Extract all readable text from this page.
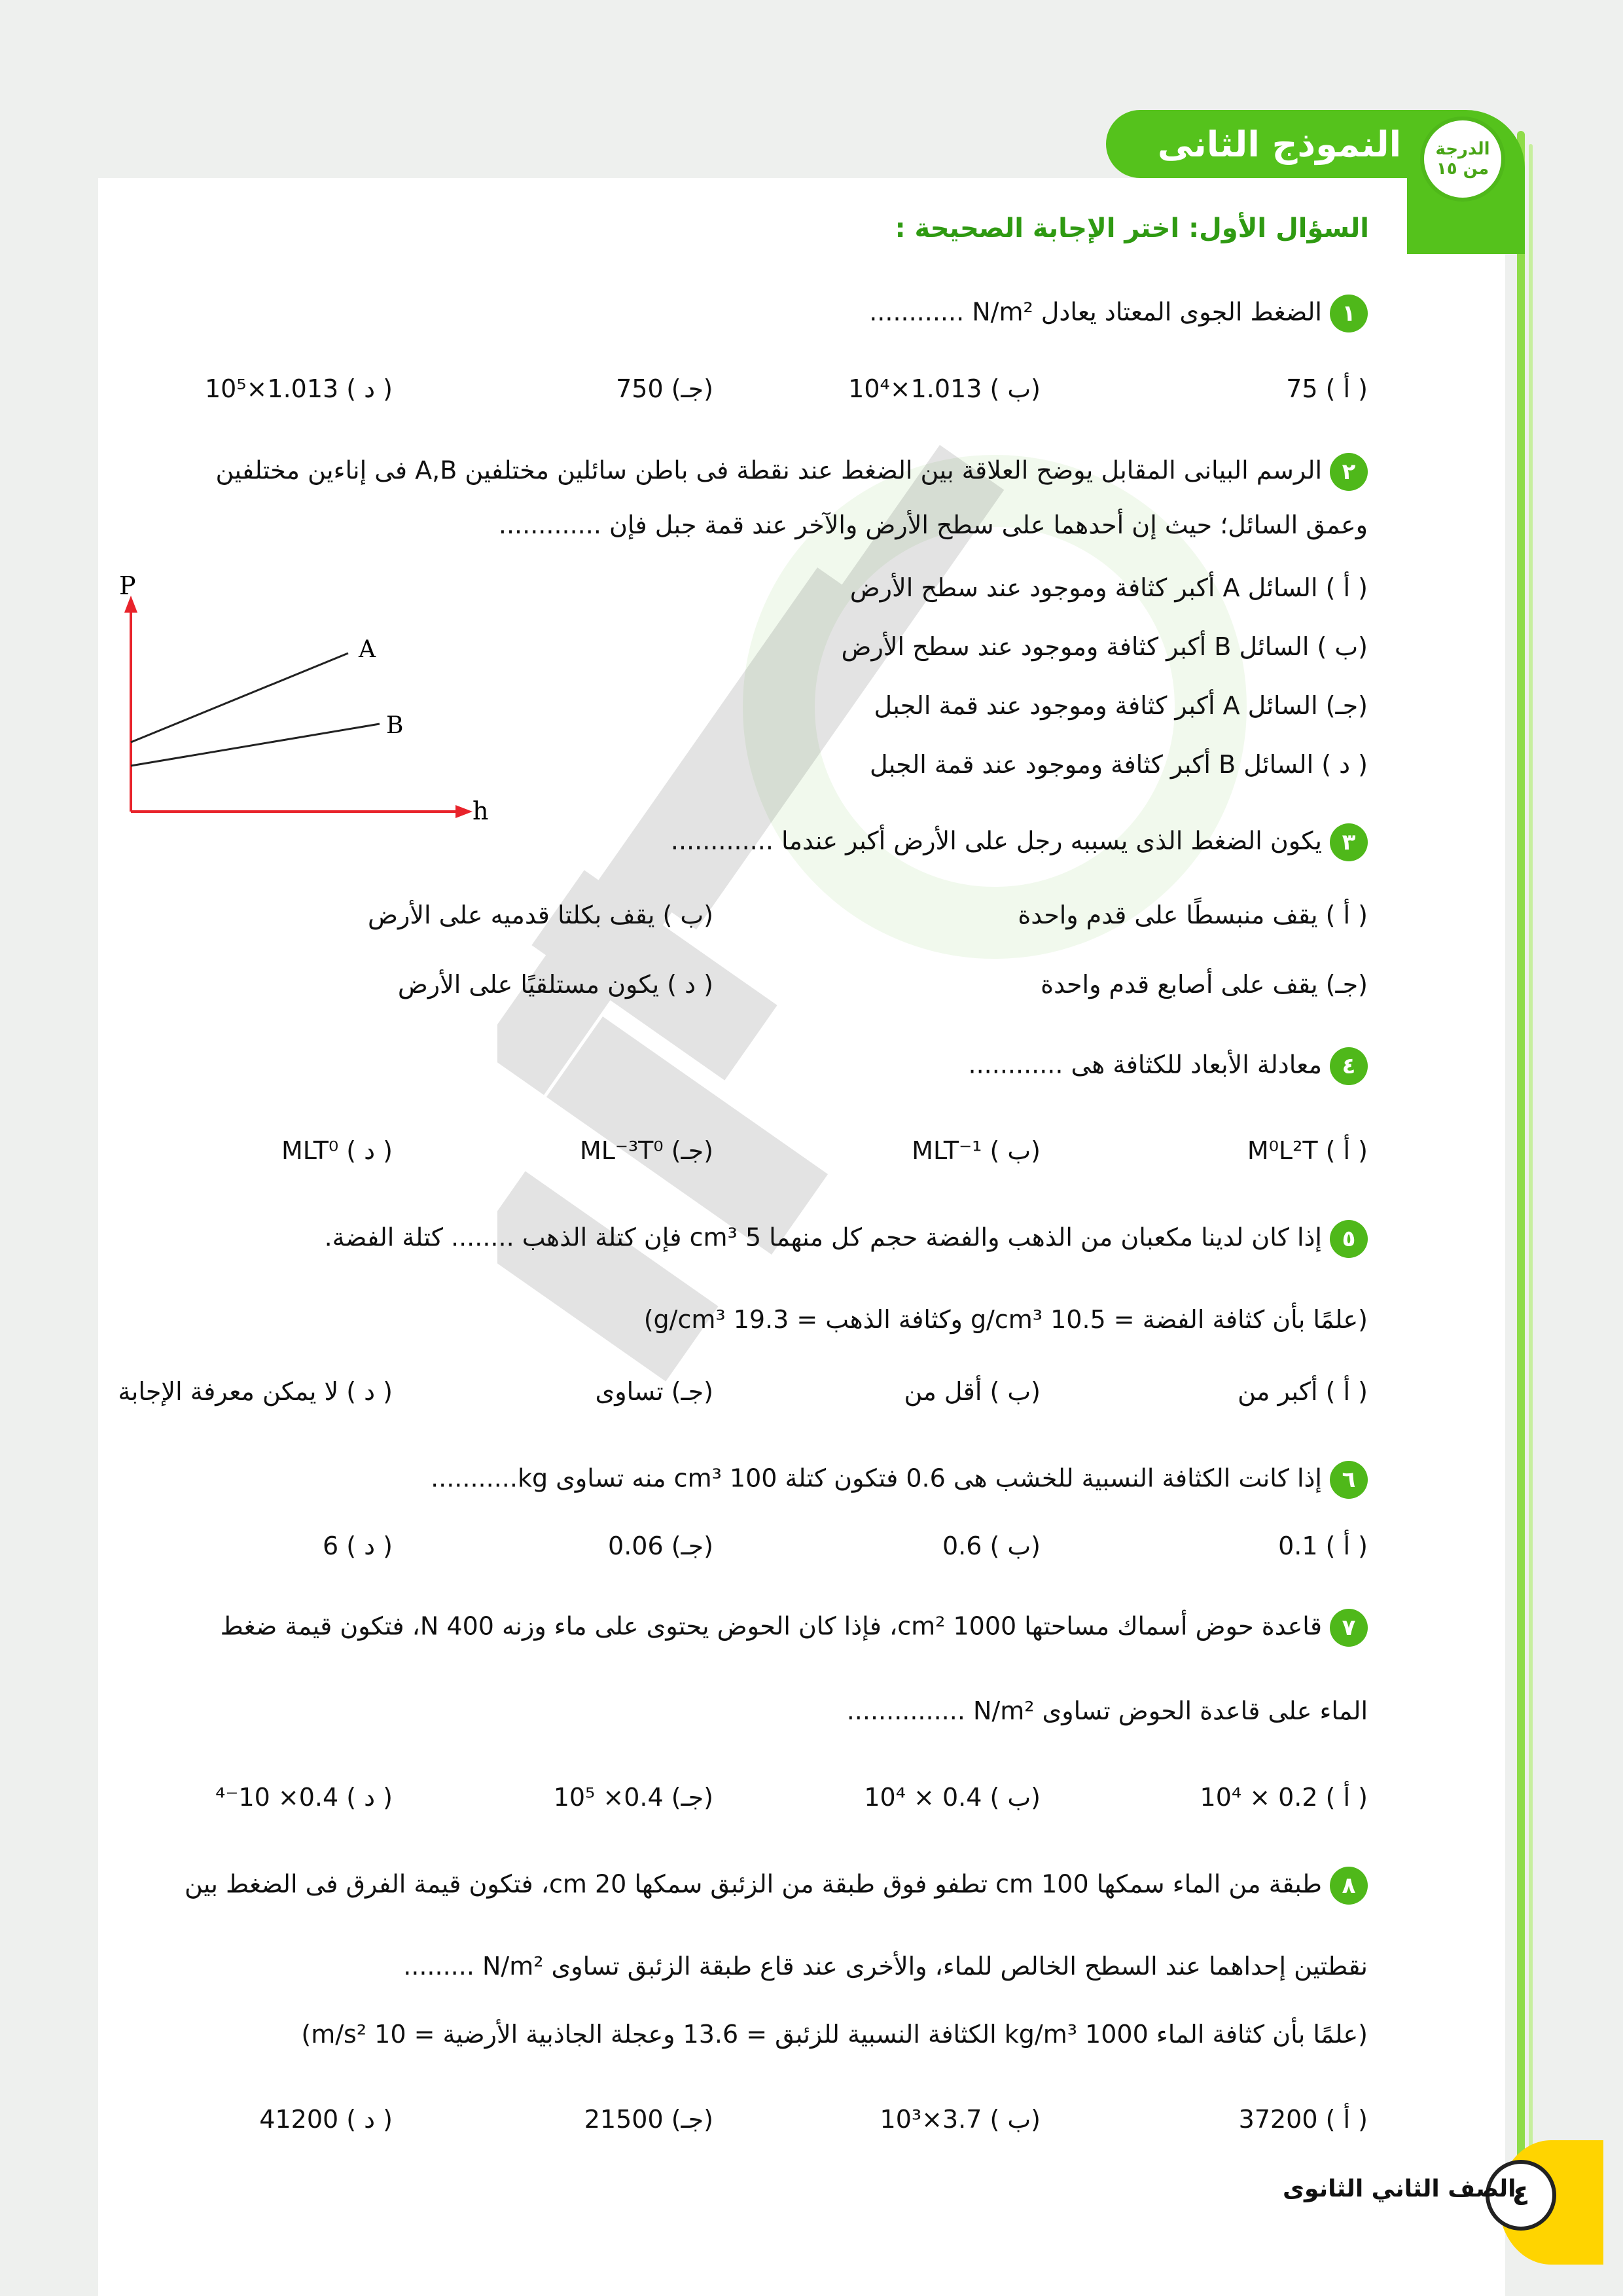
النموذج الثانى	الدرجة
من ١٥
السؤال الأول: اختر الإجابة الصحيحة :
١الضغط الجوى المعتاد يعادل N/m² ............
( أ ) 75
(ب ) 1.013×10⁴
(جـ) 750
( د ) 1.013×10⁵
٢الرسم البيانى المقابل يوضح العلاقة بين الضغط عند نقطة فى باطن سائلين مختلفين A,B فى إناءين مختلفين
وعمق السائل؛ حيث إن أحدهما على سطح الأرض والآخر عند قمة جبل فإن .............
( أ ) السائل A أكبر كثافة وموجود عند سطح الأرض
(ب ) السائل B أكبر كثافة وموجود عند سطح الأرض
(جـ) السائل A أكبر كثافة وموجود عند قمة الجبل
( د ) السائل B أكبر كثافة وموجود عند قمة الجبل
٣يكون الضغط الذى يسببه رجل على الأرض أكبر عندما .............
( أ ) يقف منبسطًا على قدم واحدة
(ب ) يقف بكلتا قدميه على الأرض
(جـ) يقف على أصابع قدم واحدة
( د ) يكون مستلقيًا على الأرض
٤معادلة الأبعاد للكثافة هى ............
( أ ) M⁰L²T
(ب ) MLT⁻¹
(جـ) ML⁻³T⁰
( د ) MLT⁰
٥إذا كان لدينا مكعبان من الذهب والفضة حجم كل منهما 5 cm³ فإن كتلة الذهب ........ كتلة الفضة.
(علمًا بأن كثافة الفضة = 10.5 g/cm³ وكثافة الذهب = 19.3 g/cm³)
( أ ) أكبر من
(ب ) أقل من
(جـ) تساوى
( د ) لا يمكن معرفة الإجابة
٦إذا كانت الكثافة النسبية للخشب هى 0.6 فتكون كتلة 100 cm³ منه تساوى kg...........
( أ ) 0.1
(ب ) 0.6
(جـ) 0.06
( د ) 6
٧قاعدة حوض أسماك مساحتها 1000 cm²، فإذا كان الحوض يحتوى على ماء وزنه 400 N، فتكون قيمة ضغط
الماء على قاعدة الحوض تساوى N/m² ...............
( أ ) 0.2 × 10⁴
(ب ) 0.4 × 10⁴
(جـ) 0.4× 10⁵
( د ) 0.4× 10⁻⁴
٨طبقة من الماء سمكها 100 cm تطفو فوق طبقة من الزئبق سمكها 20 cm، فتكون قيمة الفرق فى الضغط بين
نقطتين إحداهما عند السطح الخالص للماء، والأخرى عند قاع طبقة الزئبق تساوى N/m² .........
(علمًا بأن كثافة الماء 1000 kg/m³ الكثافة النسبية للزئبق = 13.6 وعجلة الجاذبية الأرضية = 10 m/s²)
( أ ) 37200
(ب ) 3.7×10³
(جـ) 21500
( د ) 41200
P
h
A
B
٤
الصف الثاني الثانوى
